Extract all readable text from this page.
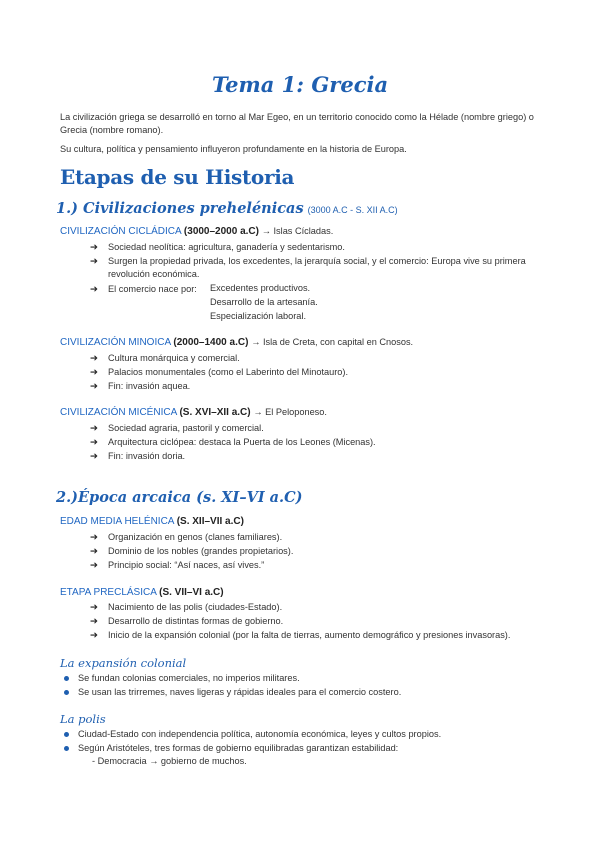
Tema 1: Grecia
La civilización griega se desarrolló en torno al Mar Egeo, en un territorio conocido como la Hélade (nombre griego) o Grecia (nombre romano).
Su cultura, política y pensamiento influyeron profundamente en la historia de Europa.
Etapas de su Historia
1.) Civilizaciones prehelénicas (3000 A.C - S. XII A.C)
CIVILIZACIÓN CICLÁDICA (3000–2000 a.C) → Islas Cícladas.
➔ Sociedad neolítica: agricultura, ganadería y sedentarismo.
➔ Surgen la propiedad privada, los excedentes, la jerarquía social, y el comercio: Europa vive su primera revolución económica.
➔ El comercio nace por:	Excedentes productivos.
Desarrollo de la artesanía.
Especialización laboral.
CIVILIZACIÓN MINOICA (2000–1400 a.C) → Isla de Creta, con capital en Cnosos.
➔ Cultura monárquica y comercial.
➔ Palacios monumentales (como el Laberinto del Minotauro).
➔ Fin: invasión aquea.
CIVILIZACIÓN MICÉNICA (S. XVI–XII a.C) → El Peloponeso.
➔ Sociedad agraria, pastoril y comercial.
➔ Arquitectura ciclópea: destaca la Puerta de los Leones (Micenas).
➔ Fin: invasión doria.
2.)Época arcaica (s. XI–VI a.C)
EDAD MEDIA HELÉNICA (S. XII–VII a.C)
➔ Organización en genos (clanes familiares).
➔ Dominio de los nobles (grandes propietarios).
➔ Principio social: “Así naces, así vives.”
ETAPA PRECLÁSICA (S. VII–VI a.C)
➔ Nacimiento de las polis (ciudades-Estado).
➔ Desarrollo de distintas formas de gobierno.
➔ Inicio de la expansión colonial (por la falta de tierras, aumento demográfico y presiones invasoras).
La expansión colonial
Se fundan colonias comerciales, no imperios militares.
Se usan las trirremes, naves ligeras y rápidas ideales para el comercio costero.
La polis
Ciudad-Estado con independencia política, autonomía económica, leyes y cultos propios.
Según Aristóteles, tres formas de gobierno equilibradas garantizan estabilidad:
- Democracia → gobierno de muchos.
